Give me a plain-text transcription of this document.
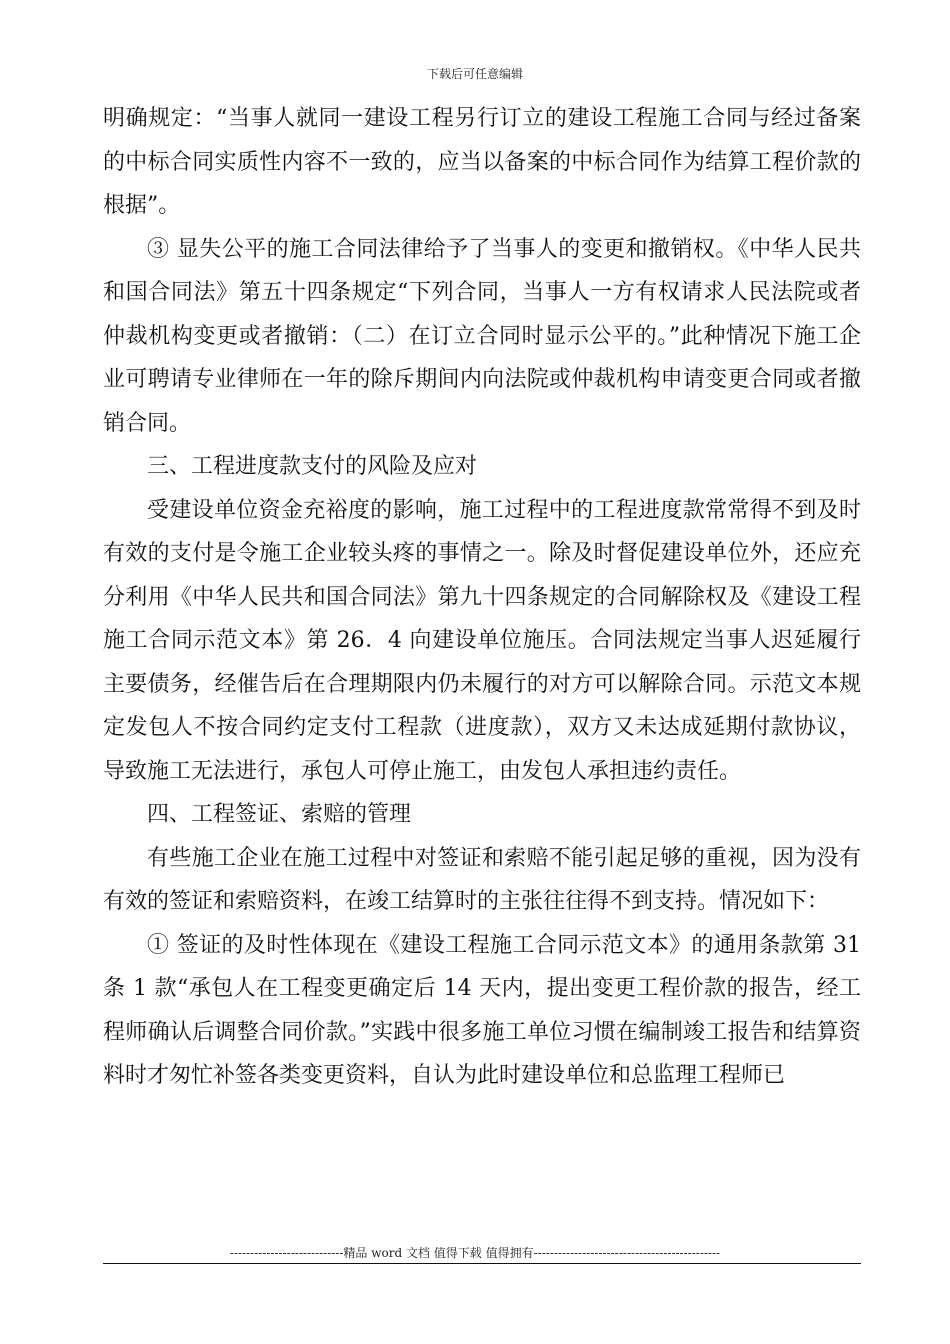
下载后可任意编辑

明确规定：“当事人就同一建设工程另行订立的建设工程施工合同与经过备案的中标合同实质性内容不一致的，应当以备案的中标合同作为结算工程价款的根据”。

③ 显失公平的施工合同法律给予了当事人的变更和撤销权。《中华人民共和国合同法》第五十四条规定“下列合同，当事人一方有权请求人民法院或者仲裁机构变更或者撤销：（二）在订立合同时显示公平的。”此种情况下施工企业可聘请专业律师在一年的除斥期间内向法院或仲裁机构申请变更合同或者撤销合同。

三、工程进度款支付的风险及应对

受建设单位资金充裕度的影响，施工过程中的工程进度款常常得不到及时有效的支付是令施工企业较头疼的事情之一。除及时督促建设单位外，还应充分利用《中华人民共和国合同法》第九十四条规定的合同解除权及《建设工程施工合同示范文本》第 26．4 向建设单位施压。合同法规定当事人迟延履行主要债务，经催告后在合理期限内仍未履行的对方可以解除合同。示范文本规定发包人不按合同约定支付工程款（进度款），双方又未达成延期付款协议，导致施工无法进行，承包人可停止施工，由发包人承担违约责任。

四、工程签证、索赔的管理

有些施工企业在施工过程中对签证和索赔不能引起足够的重视，因为没有有效的签证和索赔资料，在竣工结算时的主张往往得不到支持。情况如下：

① 签证的及时性体现在《建设工程施工合同示范文本》的通用条款第 31 条 1 款“承包人在工程变更确定后 14 天内，提出变更工程价款的报告，经工程师确认后调整合同价款。”实践中很多施工单位习惯在编制竣工报告和结算资料时才匆忙补签各类变更资料，自认为此时建设单位和总监理工程师已

----------------------------精品 word 文档 值得下载 值得拥有----------------------------------------------
